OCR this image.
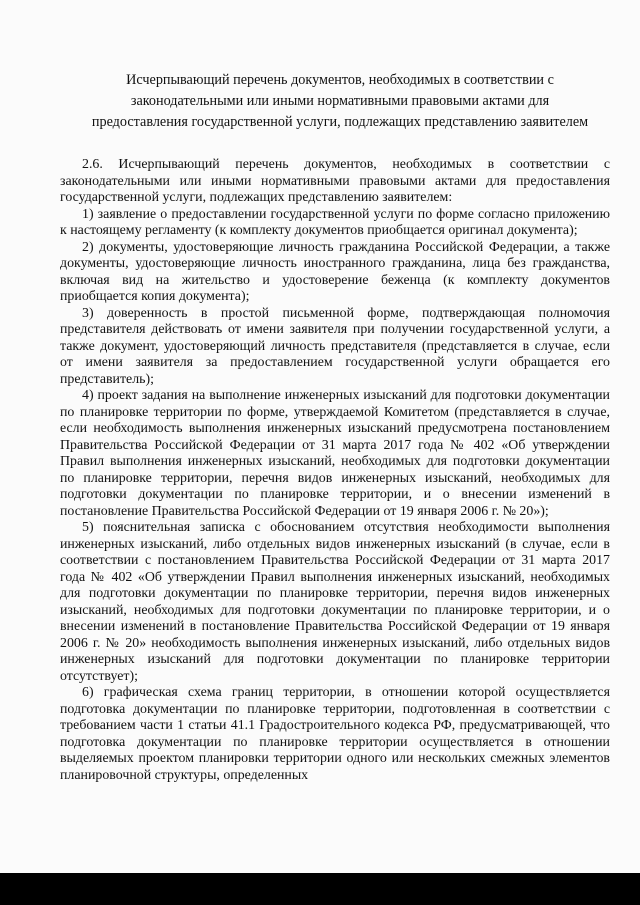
Исчерпывающий перечень документов, необходимых в соответствии с
законодательными или иными нормативными правовыми актами для
предоставления государственной услуги, подлежащих представлению заявителем

2.6. Исчерпывающий перечень документов, необходимых в соответствии с законодательными или иными нормативными правовыми актами для предоставления государственной услуги, подлежащих представлению заявителем:

1) заявление о предоставлении государственной услуги по форме согласно приложению к настоящему регламенту (к комплекту документов приобщается оригинал документа);

2) документы, удостоверяющие личность гражданина Российской Федерации, а также документы, удостоверяющие личность иностранного гражданина, лица без гражданства, включая вид на жительство и удостоверение беженца (к комплекту документов приобщается копия документа);

3) доверенность в простой письменной форме, подтверждающая полномочия представителя действовать от имени заявителя при получении государственной услуги, а также документ, удостоверяющий личность представителя (представляется в случае, если от имени заявителя за предоставлением государственной услуги обращается его представитель);

4) проект задания на выполнение инженерных изысканий для подготовки документации по планировке территории по форме, утверждаемой Комитетом (представляется в случае, если необходимость выполнения инженерных изысканий предусмотрена постановлением Правительства Российской Федерации от 31 марта 2017 года № 402 «Об утверждении Правил выполнения инженерных изысканий, необходимых для подготовки документации по планировке территории, перечня видов инженерных изысканий, необходимых для подготовки документации по планировке территории, и о внесении изменений в постановление Правительства Российской Федерации от 19 января 2006 г. № 20»);

5) пояснительная записка с обоснованием отсутствия необходимости выполнения инженерных изысканий, либо отдельных видов инженерных изысканий (в случае, если в соответствии с постановлением Правительства Российской Федерации от 31 марта 2017 года № 402 «Об утверждении Правил выполнения инженерных изысканий, необходимых для подготовки документации по планировке территории, перечня видов инженерных изысканий, необходимых для подготовки документации по планировке территории, и о внесении изменений в постановление Правительства Российской Федерации от 19 января 2006 г. № 20» необходимость выполнения инженерных изысканий, либо отдельных видов инженерных изысканий для подготовки документации по планировке территории отсутствует);

6) графическая схема границ территории, в отношении которой осуществляется подготовка документации по планировке территории, подготовленная в соответствии с требованием части 1 статьи 41.1 Градостроительного кодекса РФ, предусматривающей, что подготовка документации по планировке территории осуществляется в отношении выделяемых проектом планировки территории одного или нескольких смежных элементов планировочной структуры, определенных
